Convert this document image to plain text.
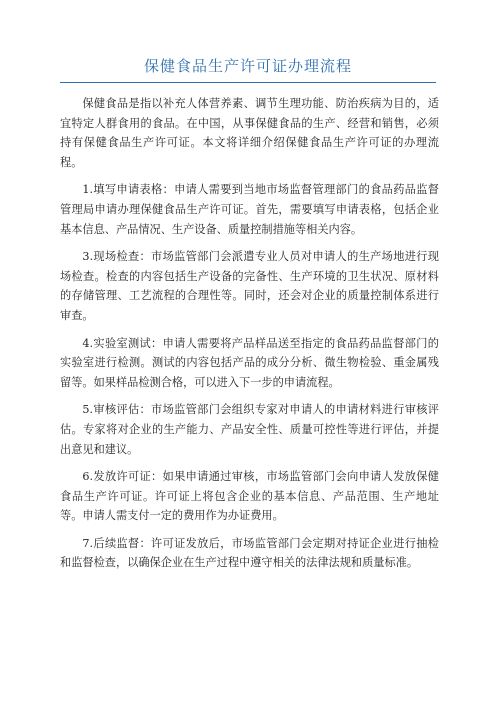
保健食品生产许可证办理流程

保健食品是指以补充人体营养素、调节生理功能、防治疾病为目的，适宜特定人群食用的食品。在中国，从事保健食品的生产、经营和销售，必须持有保健食品生产许可证。本文将详细介绍保健食品生产许可证的办理流程。

1.填写申请表格：申请人需要到当地市场监督管理部门的食品药品监督管理局申请办理保健食品生产许可证。首先，需要填写申请表格，包括企业基本信息、产品情况、生产设备、质量控制措施等相关内容。

3.现场检查：市场监管部门会派遣专业人员对申请人的生产场地进行现场检查。检查的内容包括生产设备的完备性、生产环境的卫生状况、原材料的存储管理、工艺流程的合理性等。同时，还会对企业的质量控制体系进行审查。

4.实验室测试：申请人需要将产品样品送至指定的食品药品监督部门的实验室进行检测。测试的内容包括产品的成分分析、微生物检验、重金属残留等。如果样品检测合格，可以进入下一步的申请流程。

5.审核评估：市场监管部门会组织专家对申请人的申请材料进行审核评估。专家将对企业的生产能力、产品安全性、质量可控性等进行评估，并提出意见和建议。

6.发放许可证：如果申请通过审核，市场监管部门会向申请人发放保健食品生产许可证。许可证上将包含企业的基本信息、产品范围、生产地址等。申请人需支付一定的费用作为办证费用。

7.后续监督：许可证发放后，市场监管部门会定期对持证企业进行抽检和监督检查，以确保企业在生产过程中遵守相关的法律法规和质量标准。
